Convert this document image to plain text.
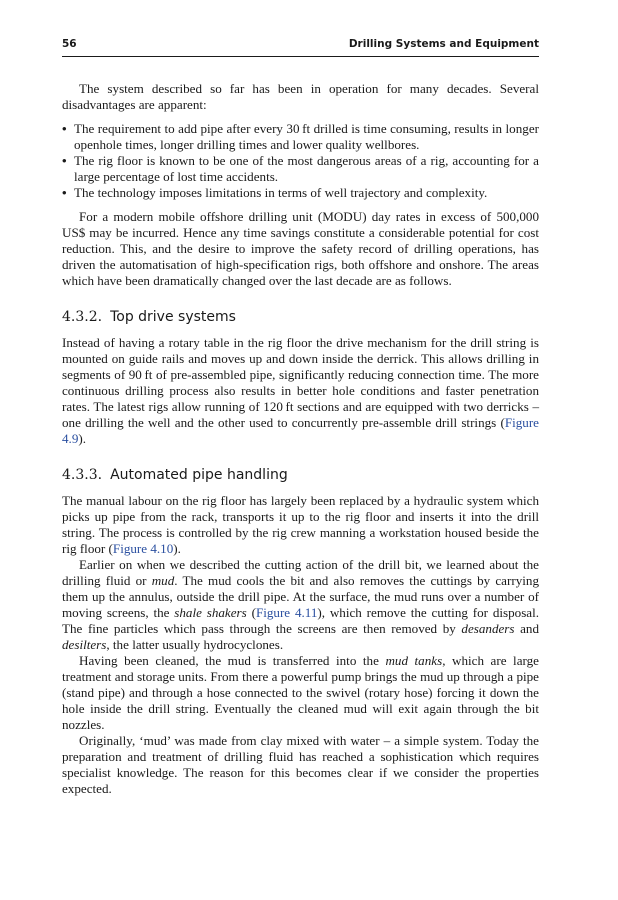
56	Drilling Systems and Equipment

The system described so far has been in operation for many decades. Several disadvantages are apparent:

• The requirement to add pipe after every 30 ft drilled is time consuming, results in longer openhole times, longer drilling times and lower quality wellbores.
• The rig floor is known to be one of the most dangerous areas of a rig, accounting for a large percentage of lost time accidents.
• The technology imposes limitations in terms of well trajectory and complexity.

For a modern mobile offshore drilling unit (MODU) day rates in excess of 500,000 US$ may be incurred. Hence any time savings constitute a considerable potential for cost reduction. This, and the desire to improve the safety record of drilling operations, has driven the automatisation of high-specification rigs, both offshore and onshore. The areas which have been dramatically changed over the last decade are as follows.

4.3.2. Top drive systems

Instead of having a rotary table in the rig floor the drive mechanism for the drill string is mounted on guide rails and moves up and down inside the derrick. This allows drilling in segments of 90 ft of pre-assembled pipe, significantly reducing connection time. The more continuous drilling process also results in better hole conditions and faster penetration rates. The latest rigs allow running of 120 ft sections and are equipped with two derricks – one drilling the well and the other used to concurrently pre-assemble drill strings (Figure 4.9).

4.3.3. Automated pipe handling

The manual labour on the rig floor has largely been replaced by a hydraulic system which picks up pipe from the rack, transports it up to the rig floor and inserts it into the drill string. The process is controlled by the rig crew manning a workstation housed beside the rig floor (Figure 4.10).

Earlier on when we described the cutting action of the drill bit, we learned about the drilling fluid or mud. The mud cools the bit and also removes the cuttings by carrying them up the annulus, outside the drill pipe. At the surface, the mud runs over a number of moving screens, the shale shakers (Figure 4.11), which remove the cutting for disposal. The fine particles which pass through the screens are then removed by desanders and desilters, the latter usually hydrocyclones.

Having been cleaned, the mud is transferred into the mud tanks, which are large treatment and storage units. From there a powerful pump brings the mud up through a pipe (stand pipe) and through a hose connected to the swivel (rotary hose) forcing it down the hole inside the drill string. Eventually the cleaned mud will exit again through the bit nozzles.

Originally, ‘mud’ was made from clay mixed with water – a simple system. Today the preparation and treatment of drilling fluid has reached a sophistication which requires specialist knowledge. The reason for this becomes clear if we consider the properties expected.
